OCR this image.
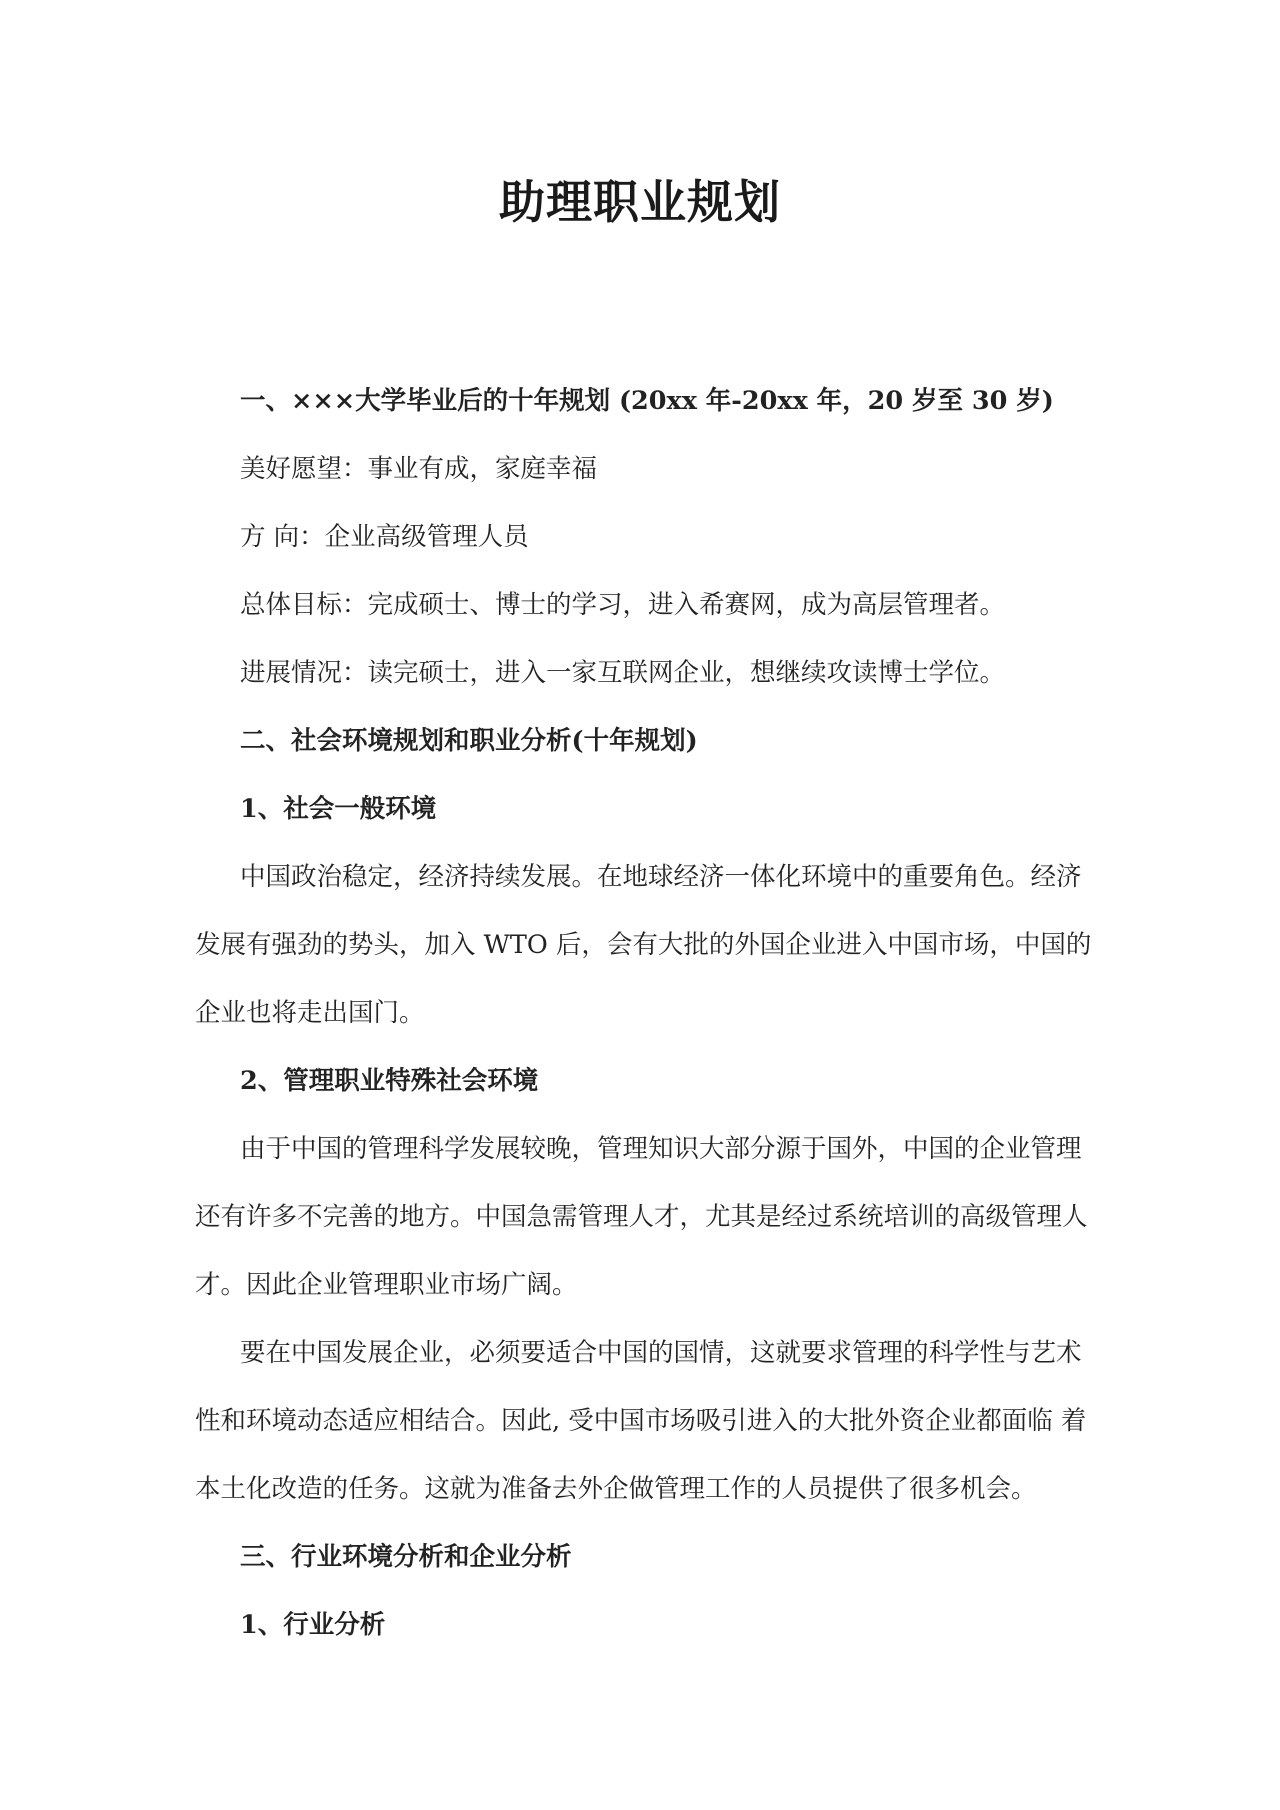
助理职业规划

一、×××大学毕业后的十年规划 (20xx 年-20xx 年，20 岁至 30 岁)

美好愿望：事业有成，家庭幸福

方 向：企业高级管理人员

总体目标：完成硕士、博士的学习，进入希赛网，成为高层管理者。

进展情况：读完硕士，进入一家互联网企业，想继续攻读博士学位。

二、社会环境规划和职业分析(十年规划)

1、社会一般环境

中国政治稳定，经济持续发展。在地球经济一体化环境中的重要角色。经济
发展有强劲的势头，加入 WTO 后，会有大批的外国企业进入中国市场，中国的
企业也将走出国门。

2、管理职业特殊社会环境

由于中国的管理科学发展较晚，管理知识大部分源于国外，中国的企业管理
还有许多不完善的地方。中国急需管理人才，尤其是经过系统培训的高级管理人
才。因此企业管理职业市场广阔。
要在中国发展企业，必须要适合中国的国情，这就要求管理的科学性与艺术
性和环境动态适应相结合。因此, 受中国市场吸引进入的大批外资企业都面临 着
本土化改造的任务。这就为准备去外企做管理工作的人员提供了很多机会。

三、行业环境分析和企业分析

1、行业分析
